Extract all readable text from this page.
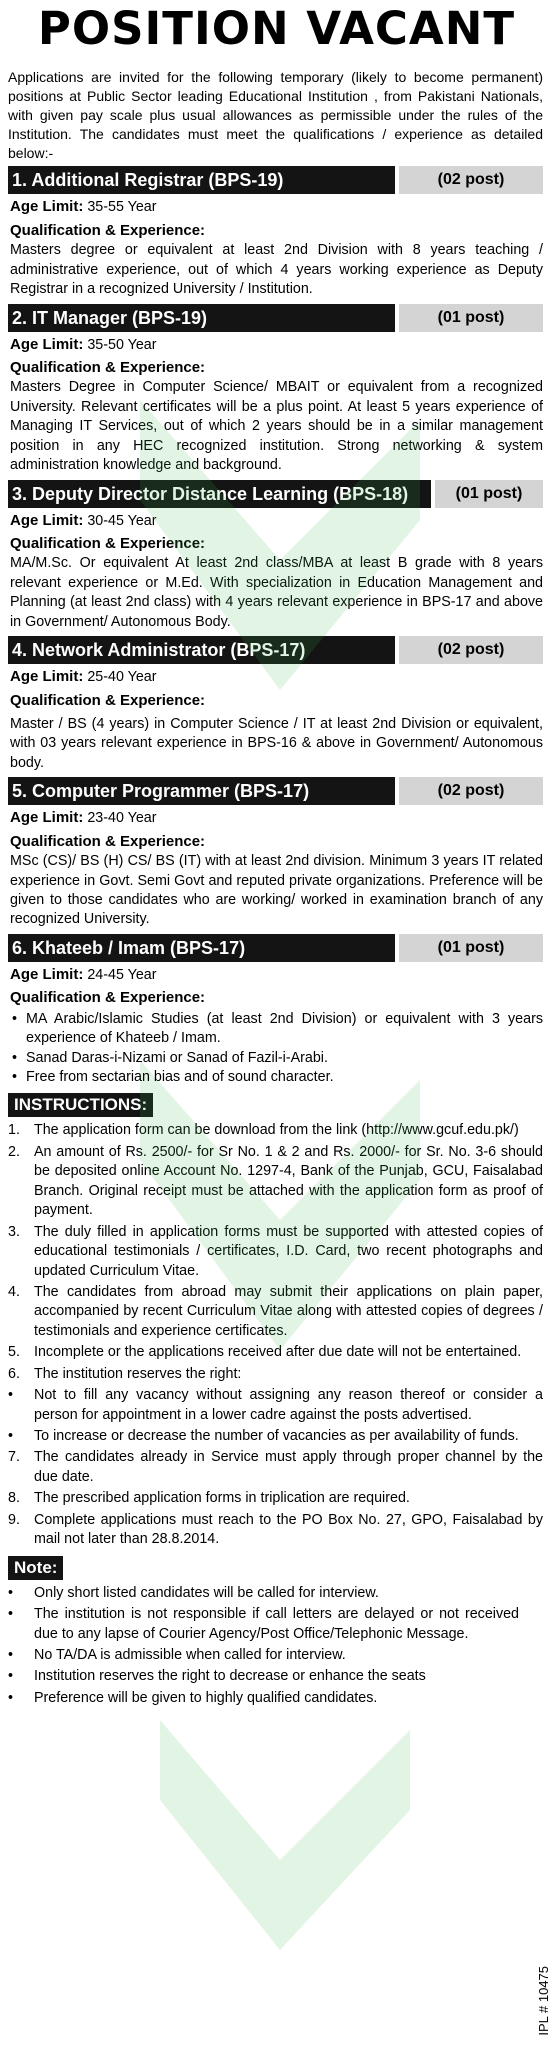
POSITION VACANT
Applications are invited for the following temporary (likely to become permanent) positions at Public Sector leading Educational Institution , from Pakistani Nationals, with given pay scale plus usual allowances as permissible under the rules of the Institution. The candidates must meet the qualifications / experience as detailed below:-
1. Additional Registrar (BPS-19)	(02 post)
Age Limit: 35-55 Year
Qualification & Experience:
Masters degree or equivalent at least 2nd Division with 8 years teaching / administrative experience, out of which 4 years working experience as Deputy Registrar in a recognized University / Institution.
2. IT Manager (BPS-19)	(01 post)
Age Limit: 35-50 Year
Qualification & Experience:
Masters Degree in Computer Science/ MBAIT or equivalent from a recognized University. Relevant certificates will be a plus point. At least 5 years experience of Managing IT Services, out of which 2 years should be in a similar management position in any HEC recognized institution. Strong networking & system administration knowledge and background.
3. Deputy Director Distance Learning (BPS-18)	(01 post)
Age Limit: 30-45 Year
Qualification & Experience:
MA/M.Sc. Or equivalent At least 2nd class/MBA at least B grade with 8 years relevant experience or M.Ed. With specialization in Education Management and Planning (at least 2nd class) with 4 years relevant experience in BPS-17 and above in Government/ Autonomous Body.
4. Network Administrator (BPS-17)	(02 post)
Age Limit: 25-40 Year
Qualification & Experience:
Master / BS (4 years) in Computer Science / IT at least 2nd Division or equivalent, with 03 years relevant experience in BPS-16 & above in Government/ Autonomous body.
5. Computer Programmer (BPS-17)	(02 post)
Age Limit: 23-40 Year
Qualification & Experience:
MSc (CS)/ BS (H) CS/ BS (IT) with at least 2nd division. Minimum 3 years IT related experience in Govt. Semi Govt and reputed private organizations. Preference will be given to those candidates who are working/ worked in examination branch of any recognized University.
6. Khateeb / Imam (BPS-17)	(01 post)
Age Limit: 24-45 Year
Qualification & Experience:
• MA Arabic/Islamic Studies (at least 2nd Division) or equivalent with 3 years experience of Khateeb / Imam.
• Sanad Daras-i-Nizami or Sanad of Fazil-i-Arabi.
• Free from sectarian bias and of sound character.
INSTRUCTIONS:
1. The application form can be download from the link (http://www.gcuf.edu.pk/)
2. An amount of Rs. 2500/- for Sr No. 1 & 2 and Rs. 2000/- for Sr. No. 3-6 should be deposited online Account No. 1297-4, Bank of the Punjab, GCU, Faisalabad Branch. Original receipt must be attached with the application form as proof of payment.
3. The duly filled in application forms must be supported with attested copies of educational testimonials / certificates, I.D. Card, two recent photographs and updated Curriculum Vitae.
4. The candidates from abroad may submit their applications on plain paper, accompanied by recent Curriculum Vitae along with attested copies of degrees / testimonials and experience certificates.
5. Incomplete or the applications received after due date will not be entertained.
6. The institution reserves the right:
•	Not to fill any vacancy without assigning any reason thereof or consider a person for appointment in a lower cadre against the posts advertised.
•	To increase or decrease the number of vacancies as per availability of funds.
7. The candidates already in Service must apply through proper channel by the due date.
8. The prescribed application forms in triplication are required.
9. Complete applications must reach to the PO Box No. 27, GPO, Faisalabad by mail not later than 28.8.2014.
Note:
•	Only short listed candidates will be called for interview.
•	The institution is not responsible if call letters are delayed or not received due to any lapse of Courier Agency/Post Office/Telephonic Message.
•	No TA/DA is admissible when called for interview.
•	Institution reserves the right to decrease or enhance the seats
•	Preference will be given to highly qualified candidates.
IPL # 10475
